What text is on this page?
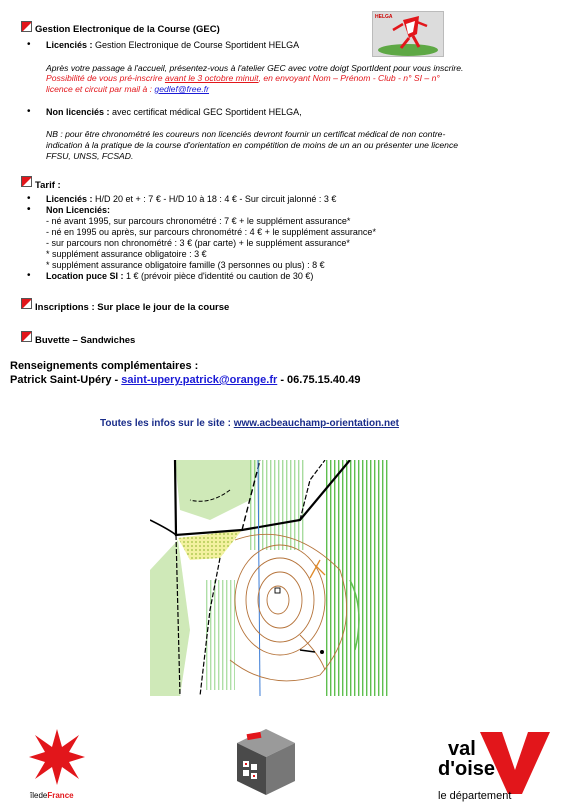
Gestion Electronique de la Course (GEC)
• Licenciés : Gestion Electronique de Course Sportident HELGA
Après votre passage à l'accueil, présentez-vous à l'atelier GEC avec votre doigt SportIdent pour vous inscrire.
Possibilité de vous pré-inscrire avant le 3 octobre minuit, en envoyant Nom – Prénom - Club - n° SI – n°
licence et circuit par mail à : gedlef@free.fr
HELGA
• Non licenciés : avec certificat médical GEC Sportident HELGA,
NB : pour être chronométré les coureurs non licenciés devront fournir un certificat médical de non contre-
indication à la pratique de la course d'orientation en compétition de moins de un an ou présenter une licence
FFSU, UNSS, FCSAD.
Tarif :
• Licenciés : H/D 20 et + : 7 € - H/D 10 à 18 : 4 € - Sur circuit jalonné : 3 €
• Non Licenciés:
- né avant 1995, sur parcours chronométré : 7 € + le supplément assurance*
- né en 1995 ou après, sur parcours chronométré : 4 € + le supplément assurance*
- sur parcours non chronométré : 3 € (par carte) + le supplément assurance*
* supplément assurance obligatoire : 3 €
* supplément assurance obligatoire famille (3 personnes ou plus) : 8 €
• Location puce SI : 1 € (prévoir pièce d'identité ou caution de 30 €)
Inscriptions : Sur place le jour de la course
Buvette – Sandwiches
Renseignements complémentaires :
Patrick Saint-Upéry - saint-upery.patrick@orange.fr - 06.75.15.40.49
Toutes les infos sur le site : www.acbeauchamp-orientation.net
îledeFrance
val
d'oise
le département
